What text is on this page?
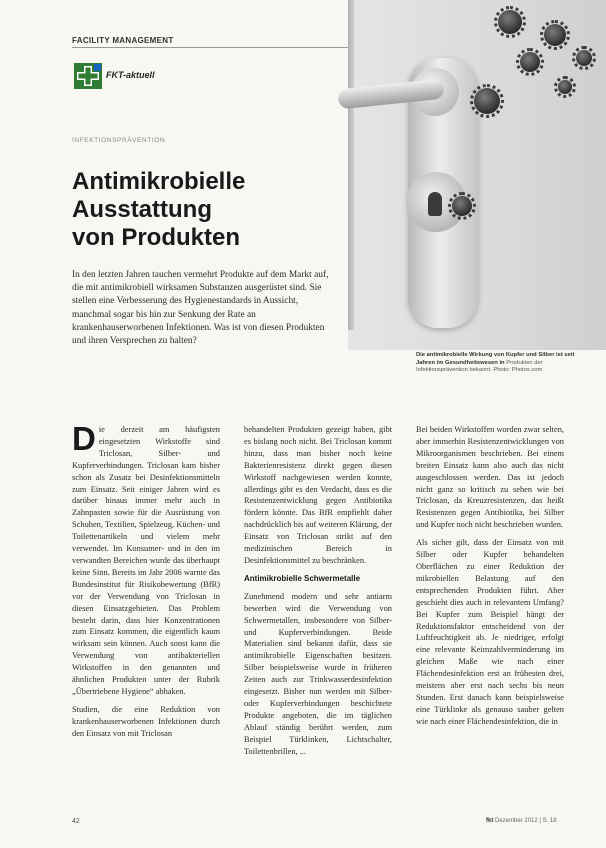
FACILITY MANAGEMENT
FKT-aktuell
INFEKTIONSPRÄVENTION
Antimikrobielle
Ausstattung
von Produkten
In den letzten Jahren tauchen vermehrt Produkte auf dem Markt auf, die mit antimikrobiell wirksamen Substanzen ausgerüstet sind. Sie stellen eine Verbesserung des Hygienestandards in Aussicht, manchmal sogar bis hin zur Senkung der Rate an krankenhauserworbenen Infektionen. Was ist von diesen Produkten und ihren Versprechen zu halten?
Die antimikrobielle Wirkung von Kupfer und Silber ist seit Jahren im Gesundheitswesen in Produkten der Infektionsprävention bekannt. Photo: Photos.com

Die derzeit am häufigsten eingesetzten Wirkstoffe sind Triclosan, Silber- und Kupferverbindungen. Triclosan kam bisher schon als Zusatz bei Desinfektionsmitteln zum Einsatz. Seit einiger Jahren wird es darüber hinaus immer mehr auch in Zahnpasten sowie für die Ausrüstung von Schuhen, Textilien, Spielzeug, Küchen- und Toilettenartikeln und vielem mehr verwendet. Im Konsumer- und in den im verwandten Bereichen wurde das überhaupt keine Sinn. Bereits im Jahr 2006 warnte das Bundesinstitut für Risikobewertung (BfR) vor der Verwendung von Triclosan in diesen Einsatzgebieten. Das Problem besteht darin, dass hier Konzentrationen zum Einsatz kommen, die eigentlich kaum wirksam sein können. Auch sonst kann die Verwendung von antibakteriellen Wirkstoffen in den genannten und ähnlichen Produkten unter der Rubrik „Übertriebene Hygiene“ abhaken.

Studien, die eine Reduktion von krankenhauserworbenen Infektionen durch den Einsatz von mit Triclosan

behandelten Produkten gezeigt haben, gibt es bislang noch nicht. Bei Triclosan kommt hinzu, dass man bisher noch keine Bakterienresistenz direkt gegen diesen Wirkstoff nachgewiesen werden konnte, allerdings gibt es den Verdacht, dass es die Resistenzentwicklung gegen Antibiotika fördern könnte. Das BfR empfiehlt daher nachdrücklich bis auf weiteren Klärung, der Einsatz von Triclosan strikt auf den medizinischen Bereich in Desinfektionsmittel zu beschränken.

Antimikrobielle Schwermetalle

Zunehmend modern und sehr antiarm bewerben wird die Verwendung von Schwermetallen, insbesondere von Silber- und Kupferverbindungen. Beide Materialien sind bekannt dafür, dass sie antimikrobielle Eigenschaften besitzen. Silber beispielsweise wurde in früheren Zeiten auch zur Trinkwasserdesinfektion eingesetzt. Bisher nun werden mit Silber- oder Kupferverbindungen beschichtete Produkte angeboten, die im täglichen Ablauf ständig berührt werden, zum Beispiel Türklinken, Lichtschalter, Toilettenbrillen, ...

Bei beiden Wirkstoffen worden zwar selten, aber immerhin Resistenzentwicklungen von Mikroorganismen beschrieben. Bei einem breiten Einsatz kann also auch das nicht ausgeschlossen werden. Das ist jedoch nicht ganz so kritisch zu sehen wie bei Triclosan, da Kreuzresistenzen, das heißt Resistenzen gegen Antibiotika, bei Silber und Kupfer noch nicht beschrieben wurden.

Als sicher gilt, dass der Einsatz von mit Silber oder Kupfer behandelten Oberflächen zu einer Reduktion der mikrobiellen Belastung auf den entsprechenden Produkten führt. Aber geschieht dies auch in relevantem Umfang? Bei Kupfer zum Beispiel hängt der Reduktionsfaktor entscheidend von der Luftfeuchtigkeit ab. Je niedriger, erfolgt eine relevante Keimzahlverminderung im gleichen Maße wie nach einer Flächendesinfektion erst an frühesten drei, meistens aber erst nach sechs bis neun Stunden. Erst danach kann beispielsweise eine Türklinke als genauso sauber gelten wie nach einer Flächendesinfektion, die in

42	fkt Dezember 2012 | S. 18
